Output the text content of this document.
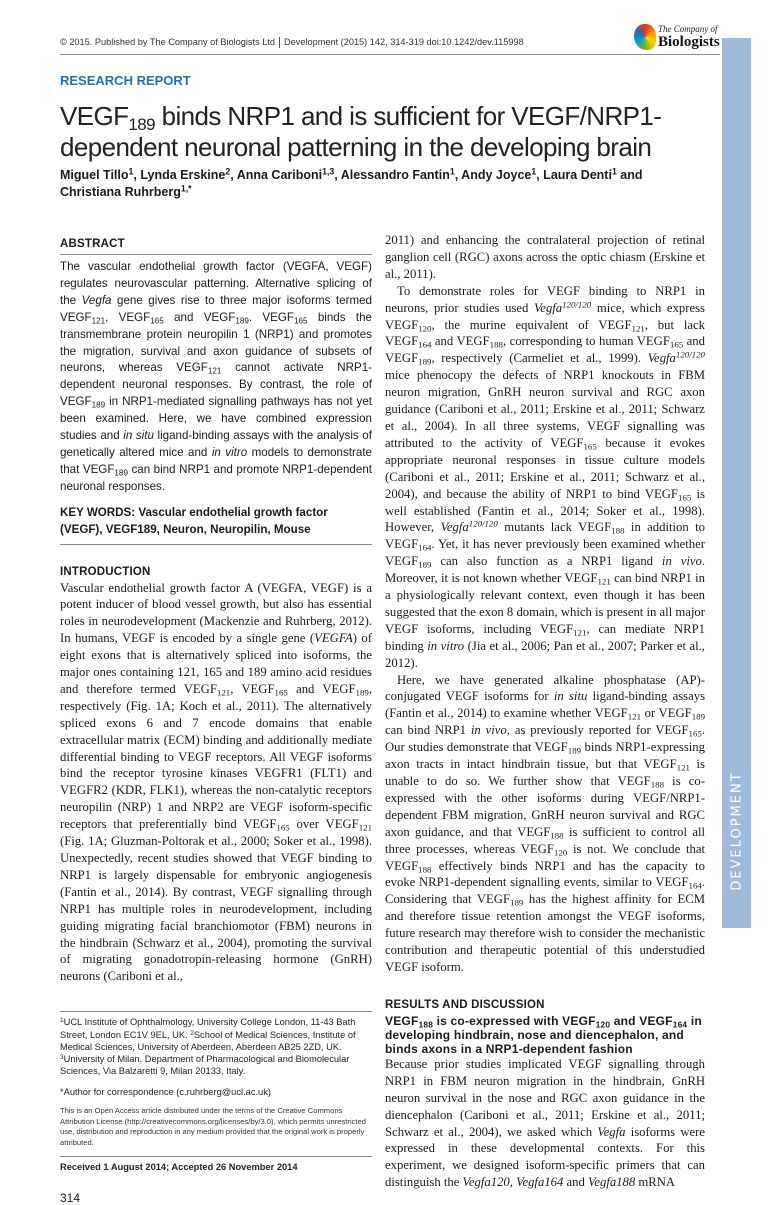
DEVELOPMENT
© 2015. Published by The Company of Biologists Ltd Development (2015) 142, 314-319 doi:10.1242/dev.115998
The Company of
Biologists
RESEARCH REPORT
$VEGF_{189}$ binds NRP1 and is sufficient for VEGF/NRP1-dependent neuronal patterning in the developing brain
Miguel Tillo$^1$, Lynda Erskine$^2$, Anna Cariboni$^{1,3}$, Alessandro Fantin$^1$, Andy Joyce$^1$, Laura Denti$^1$ and Christiana Ruhrberg$^{1,*}$
ABSTRACT
The vascular endothelial growth factor (VEGFA, VEGF) regulates neurovascular patterning. Alternative splicing of the Vegfa gene gives rise to three major isoforms termed $VEGF_{121}$, $VEGF_{165}$ and $VEGF_{189}$. $VEGF_{165}$ binds the transmembrane protein neuropilin 1 (NRP1) and promotes the migration, survival and axon guidance of subsets of neurons, whereas $VEGF_{121}$ cannot activate NRP1-dependent neuronal responses. By contrast, the role of $VEGF_{189}$ in NRP1-mediated signalling pathways has not yet been examined. Here, we have combined expression studies and in situ ligand-binding assays with the analysis of genetically altered mice and in vitro models to demonstrate that $VEGF_{189}$ can bind NRP1 and promote NRP1-dependent neuronal responses.
KEY WORDS: Vascular endothelial growth factor (VEGF), VEGF189, Neuron, Neuropilin, Mouse
INTRODUCTION
Vascular endothelial growth factor A (VEGFA, VEGF) is a potent inducer of blood vessel growth, but also has essential roles in neurodevelopment (Mackenzie and Ruhrberg, 2012). In humans, VEGF is encoded by a single gene (VEGFA) of eight exons that is alternatively spliced into isoforms, the major ones containing 121, 165 and 189 amino acid residues and therefore termed $VEGF_{121}$, $VEGF_{165}$ and $VEGF_{189}$, respectively (Fig. 1A; Koch et al., 2011). The alternatively spliced exons 6 and 7 encode domains that enable extracellular matrix (ECM) binding and additionally mediate differential binding to VEGF receptors. All VEGF isoforms bind the receptor tyrosine kinases VEGFR1 (FLT1) and VEGFR2 (KDR, FLK1), whereas the non-catalytic receptors neuropilin (NRP) 1 and NRP2 are VEGF isoform-specific receptors that preferentially bind $VEGF_{165}$ over $VEGF_{121}$ (Fig. 1A; Gluzman-Poltorak et al., 2000; Soker et al., 1998). Unexpectedly, recent studies showed that VEGF binding to NRP1 is largely dispensable for embryonic angiogenesis (Fantin et al., 2014). By contrast, VEGF signalling through NRP1 has multiple roles in neurodevelopment, including guiding migrating facial branchiomotor (FBM) neurons in the hindbrain (Schwarz et al., 2004), promoting the survival of migrating gonadotropin-releasing hormone (GnRH) neurons (Cariboni et al.,
$^1$UCL Institute of Ophthalmology, University College London, 11-43 Bath Street, London EC1V 9EL, UK. $^2$School of Medical Sciences, Institute of Medical Sciences, University of Aberdeen, Aberdeen AB25 2ZD, UK. $^3$University of Milan, Department of Pharmacological and Biomolecular Sciences, Via Balzaretti 9, Milan 20133, Italy.
*Author for correspondence (c.ruhrberg@ucl.ac.uk)
This is an Open Access article distributed under the terms of the Creative Commons Attribution License (http://creativecommons.org/licenses/by/3.0), which permits unrestricted use, distribution and reproduction in any medium provided that the original work is properly attributed.
Received 1 August 2014; Accepted 26 November 2014
314

2011) and enhancing the contralateral projection of retinal ganglion cell (RGC) axons across the optic chiasm (Erskine et al., 2011).

To demonstrate roles for VEGF binding to NRP1 in neurons, prior studies used Vegfa$^{120/120}$ mice, which express $VEGF_{120}$, the murine equivalent of $VEGF_{121}$, but lack $VEGF_{164}$ and $VEGF_{188}$, corresponding to human $VEGF_{165}$ and $VEGF_{189}$, respectively (Carmeliet et al., 1999). Vegfa$^{120/120}$ mice phenocopy the defects of NRP1 knockouts in FBM neuron migration, GnRH neuron survival and RGC axon guidance (Cariboni et al., 2011; Erskine et al., 2011; Schwarz et al., 2004). In all three systems, VEGF signalling was attributed to the activity of $VEGF_{165}$ because it evokes appropriate neuronal responses in tissue culture models (Cariboni et al., 2011; Erskine et al., 2011; Schwarz et al., 2004), and because the ability of NRP1 to bind $VEGF_{165}$ is well established (Fantin et al., 2014; Soker et al., 1998). However, Vegfa$^{120/120}$ mutants lack $VEGF_{188}$ in addition to $VEGF_{164}$. Yet, it has never previously been examined whether $VEGF_{189}$ can also function as a NRP1 ligand in vivo. Moreover, it is not known whether $VEGF_{121}$ can bind NRP1 in a physiologically relevant context, even though it has been suggested that the exon 8 domain, which is present in all major VEGF isoforms, including $VEGF_{121}$, can mediate NRP1 binding in vitro (Jia et al., 2006; Pan et al., 2007; Parker et al., 2012).

Here, we have generated alkaline phosphatase (AP)-conjugated VEGF isoforms for in situ ligand-binding assays (Fantin et al., 2014) to examine whether $VEGF_{121}$ or $VEGF_{189}$ can bind NRP1 in vivo, as previously reported for $VEGF_{165}$. Our studies demonstrate that $VEGF_{189}$ binds NRP1-expressing axon tracts in intact hindbrain tissue, but that $VEGF_{121}$ is unable to do so. We further show that $VEGF_{188}$ is co-expressed with the other isoforms during VEGF/NRP1-dependent FBM migration, GnRH neuron survival and RGC axon guidance, and that $VEGF_{188}$ is sufficient to control all three processes, whereas $VEGF_{120}$ is not. We conclude that $VEGF_{188}$ effectively binds NRP1 and has the capacity to evoke NRP1-dependent signalling events, similar to $VEGF_{164}$. Considering that $VEGF_{189}$ has the highest affinity for ECM and therefore tissue retention amongst the VEGF isoforms, future research may therefore wish to consider the mechanistic contribution and therapeutic potential of this understudied VEGF isoform.

RESULTS AND DISCUSSION
$VEGF_{188}$ is co-expressed with $VEGF_{120}$ and $VEGF_{164}$ in developing hindbrain, nose and diencephalon, and binds axons in a NRP1-dependent fashion
Because prior studies implicated VEGF signalling through NRP1 in FBM neuron migration in the hindbrain, GnRH neuron survival in the nose and RGC axon guidance in the diencephalon (Cariboni et al., 2011; Erskine et al., 2011; Schwarz et al., 2004), we asked which Vegfa isoforms were expressed in these developmental contexts. For this experiment, we designed isoform-specific primers that can distinguish the Vegfa120, Vegfa164 and Vegfa188 mRNA
